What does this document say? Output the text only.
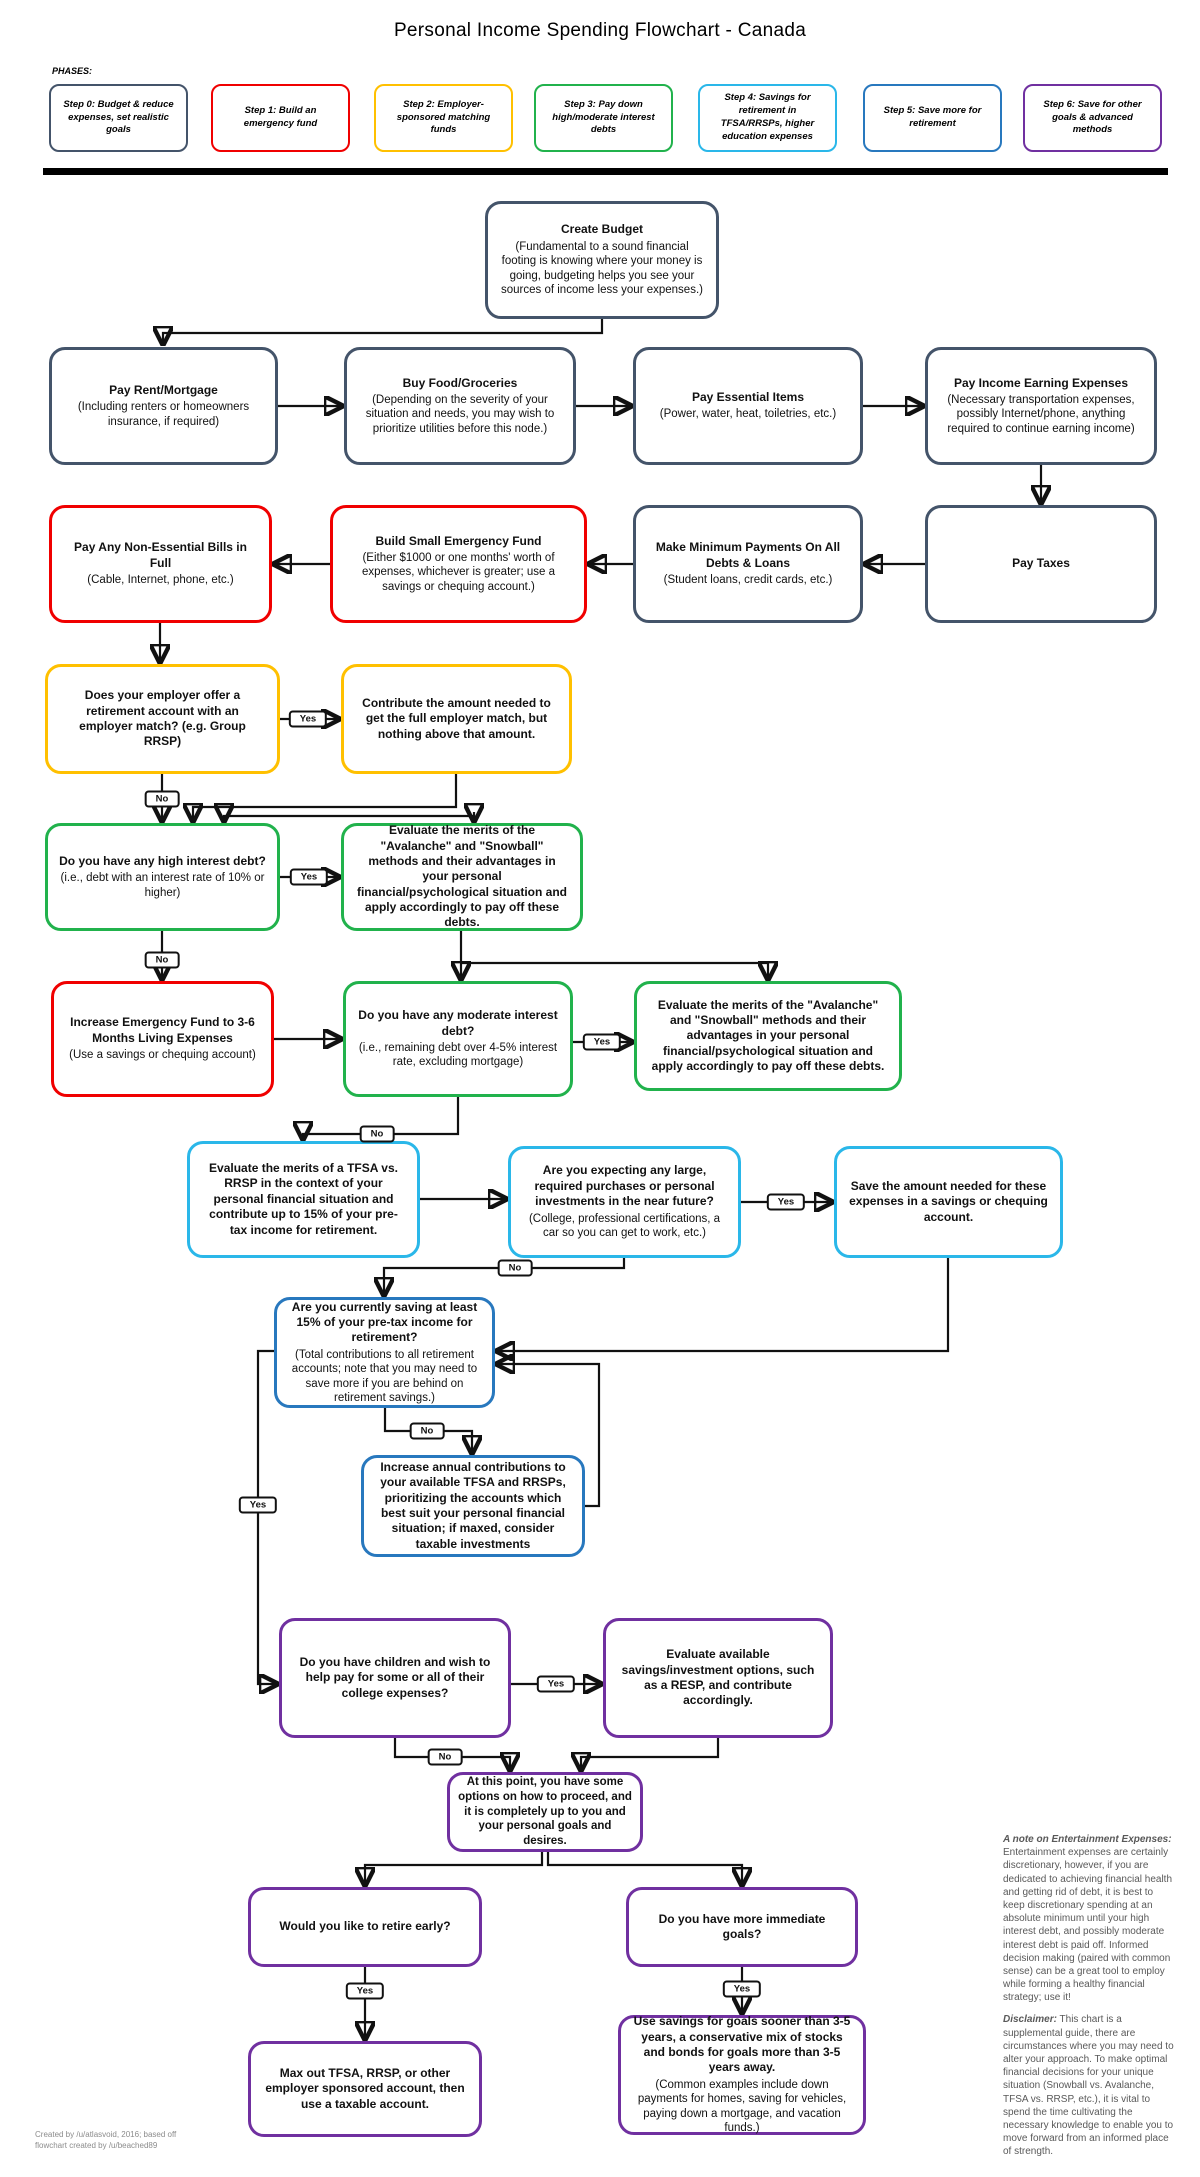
Personal Income Spending Flowchart - Canada
PHASES:
Step 0: Budget & reduce expenses, set realistic goals
Step 1: Build an emergency fund
Step 2: Employer-sponsored matching funds
Step 3: Pay down high/moderate interest debts
Step 4: Savings for retirement in TFSA/RRSPs, higher education expenses
Step 5: Save more for retirement
Step 6: Save for other goals & advanced methods
Create Budget
(Fundamental to a sound financial footing is knowing where your money is going, budgeting helps you see your sources of income less your expenses.)
Pay Rent/Mortgage
(Including renters or homeowners insurance, if required)
Buy Food/Groceries
(Depending on the severity of your situation and needs, you may wish to prioritize utilities before this node.)
Pay Essential Items
(Power, water, heat, toiletries, etc.)
Pay Income Earning Expenses
(Necessary transportation expenses, possibly Internet/phone, anything required to continue earning income)
Pay Any Non-Essential Bills in Full
(Cable, Internet, phone, etc.)
Build Small Emergency Fund
(Either $1000 or one months' worth of expenses, whichever is greater; use a savings or chequing account.)
Make Minimum Payments On All Debts & Loans
(Student loans, credit cards, etc.)
Pay Taxes
Does your employer offer a retirement account with an employer match? (e.g. Group RRSP)
Contribute the amount needed to get the full employer match, but nothing above that amount.
Do you have any high interest debt?
(i.e., debt with an interest rate of 10% or higher)
Evaluate the merits of the "Avalanche" and "Snowball" methods and their advantages in your personal financial/psychological situation and apply accordingly to pay off these debts.
Increase Emergency Fund to 3-6 Months Living Expenses
(Use a savings or chequing account)
Do you have any moderate interest debt?
(i.e., remaining debt over 4-5% interest rate, excluding mortgage)
Evaluate the merits of the "Avalanche" and "Snowball" methods and their advantages in your personal financial/psychological situation and apply accordingly to pay off these debts.
Evaluate the merits of a TFSA vs. RRSP in the context of your personal financial situation and contribute up to 15% of your pre-tax income for retirement.
Are you expecting any large, required purchases or personal investments in the near future?
(College, professional certifications, a car so you can get to work, etc.)
Save the amount needed for these expenses in a savings or chequing account.
Are you currently saving at least 15% of your pre-tax income for retirement?
(Total contributions to all retirement accounts; note that you may need to save more if you are behind on retirement savings.)
Increase annual contributions to your available TFSA and RRSPs, prioritizing the accounts which best suit your personal financial situation; if maxed, consider taxable investments
Do you have children and wish to help pay for some or all of their college expenses?
Evaluate available savings/investment options, such as a RESP, and contribute accordingly.
At this point, you have some options on how to proceed, and it is completely up to you and your personal goals and desires.
Would you like to retire early?
Do you have more immediate goals?
Max out TFSA, RRSP, or other employer sponsored account, then use a taxable account.
Use savings for goals sooner than 3-5 years, a conservative mix of stocks and bonds for goals more than 3-5 years away.
(Common examples include down payments for homes, saving for vehicles, paying down a mortgage, and vacation funds.)
Yes
No
Yes
No
Yes
No
Yes
No
No
Yes
Yes
No
Yes	Yes

A note on Entertainment Expenses: Entertainment expenses are certainly discretionary, however, if you are dedicated to achieving financial health and getting rid of debt, it is best to keep discretionary spending at an absolute minimum until your high interest debt, and possibly moderate interest debt is paid off. Informed decision making (paired with common sense) can be a great tool to employ while forming a healthy financial strategy; use it!

Disclaimer: This chart is a supplemental guide, there are circumstances where you may need to alter your approach. To make optimal financial decisions for your unique situation (Snowball vs. Avalanche, TFSA vs. RRSP, etc.), it is vital to spend the time cultivating the necessary knowledge to enable you to move forward from an informed place of strength.

Created by /u/atlasvoid, 2016; based off
flowchart created by /u/beached89
